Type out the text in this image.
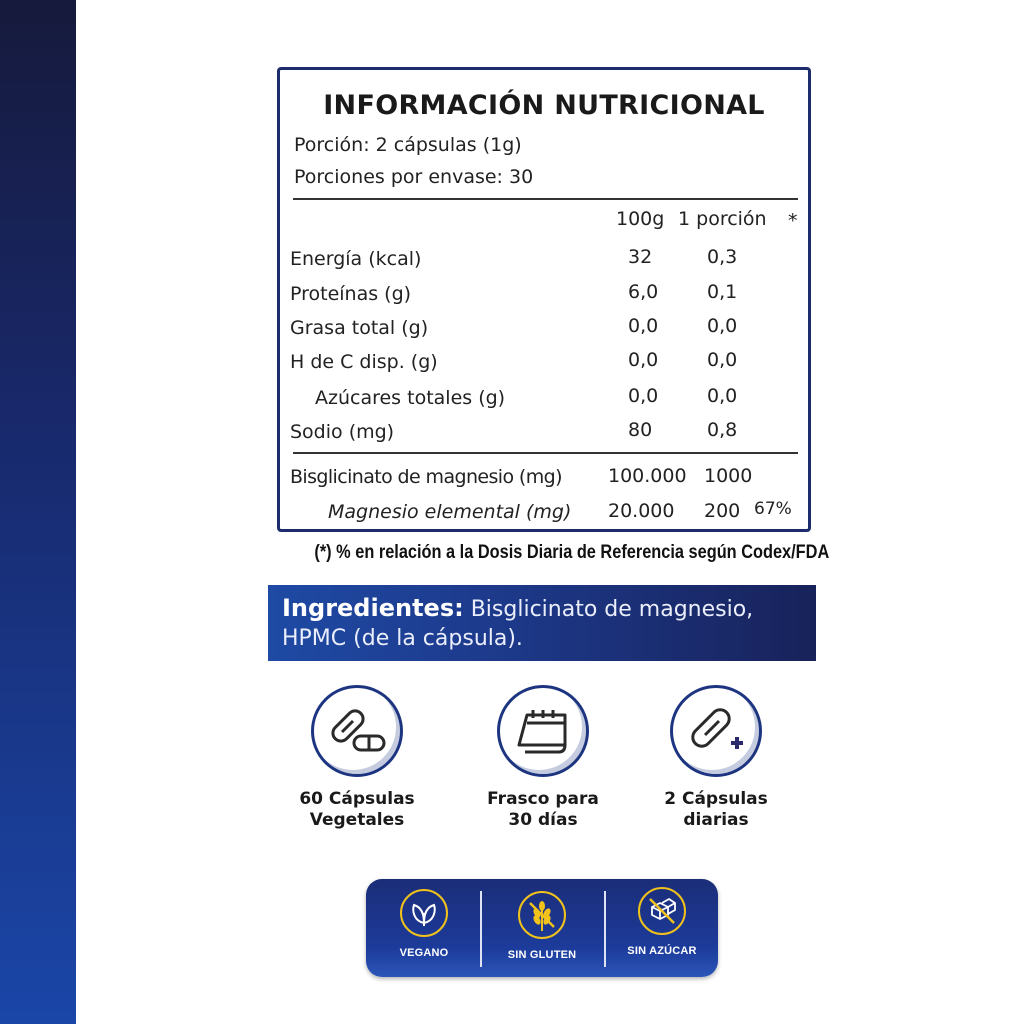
INFORMACIÓN NUTRICIONAL
Porción: 2 cápsulas (1g)
Porciones por envase: 30
100g 1 porción *
Energía (kcal)	32	0,3
Proteínas (g)	6,0	0,1
Grasa total (g)	0,0	0,0
H de C disp. (g)	0,0	0,0
Azúcares totales (g)	0,0	0,0
Sodio (mg)	80	0,8
Bisglicinato de magnesio (mg) 100.000 1000
Magnesio elemental (mg) 20.000 200 67%
(*) % en relación a la Dosis Diaria de Referencia según Codex/FDA
Ingredientes: Bisglicinato de magnesio,
HPMC (de la cápsula).
60 Cápsulas
Vegetales
Frasco para
30 días
2 Cápsulas
diarias
VEGANO	SIN GLUTEN	SIN AZÚCAR
